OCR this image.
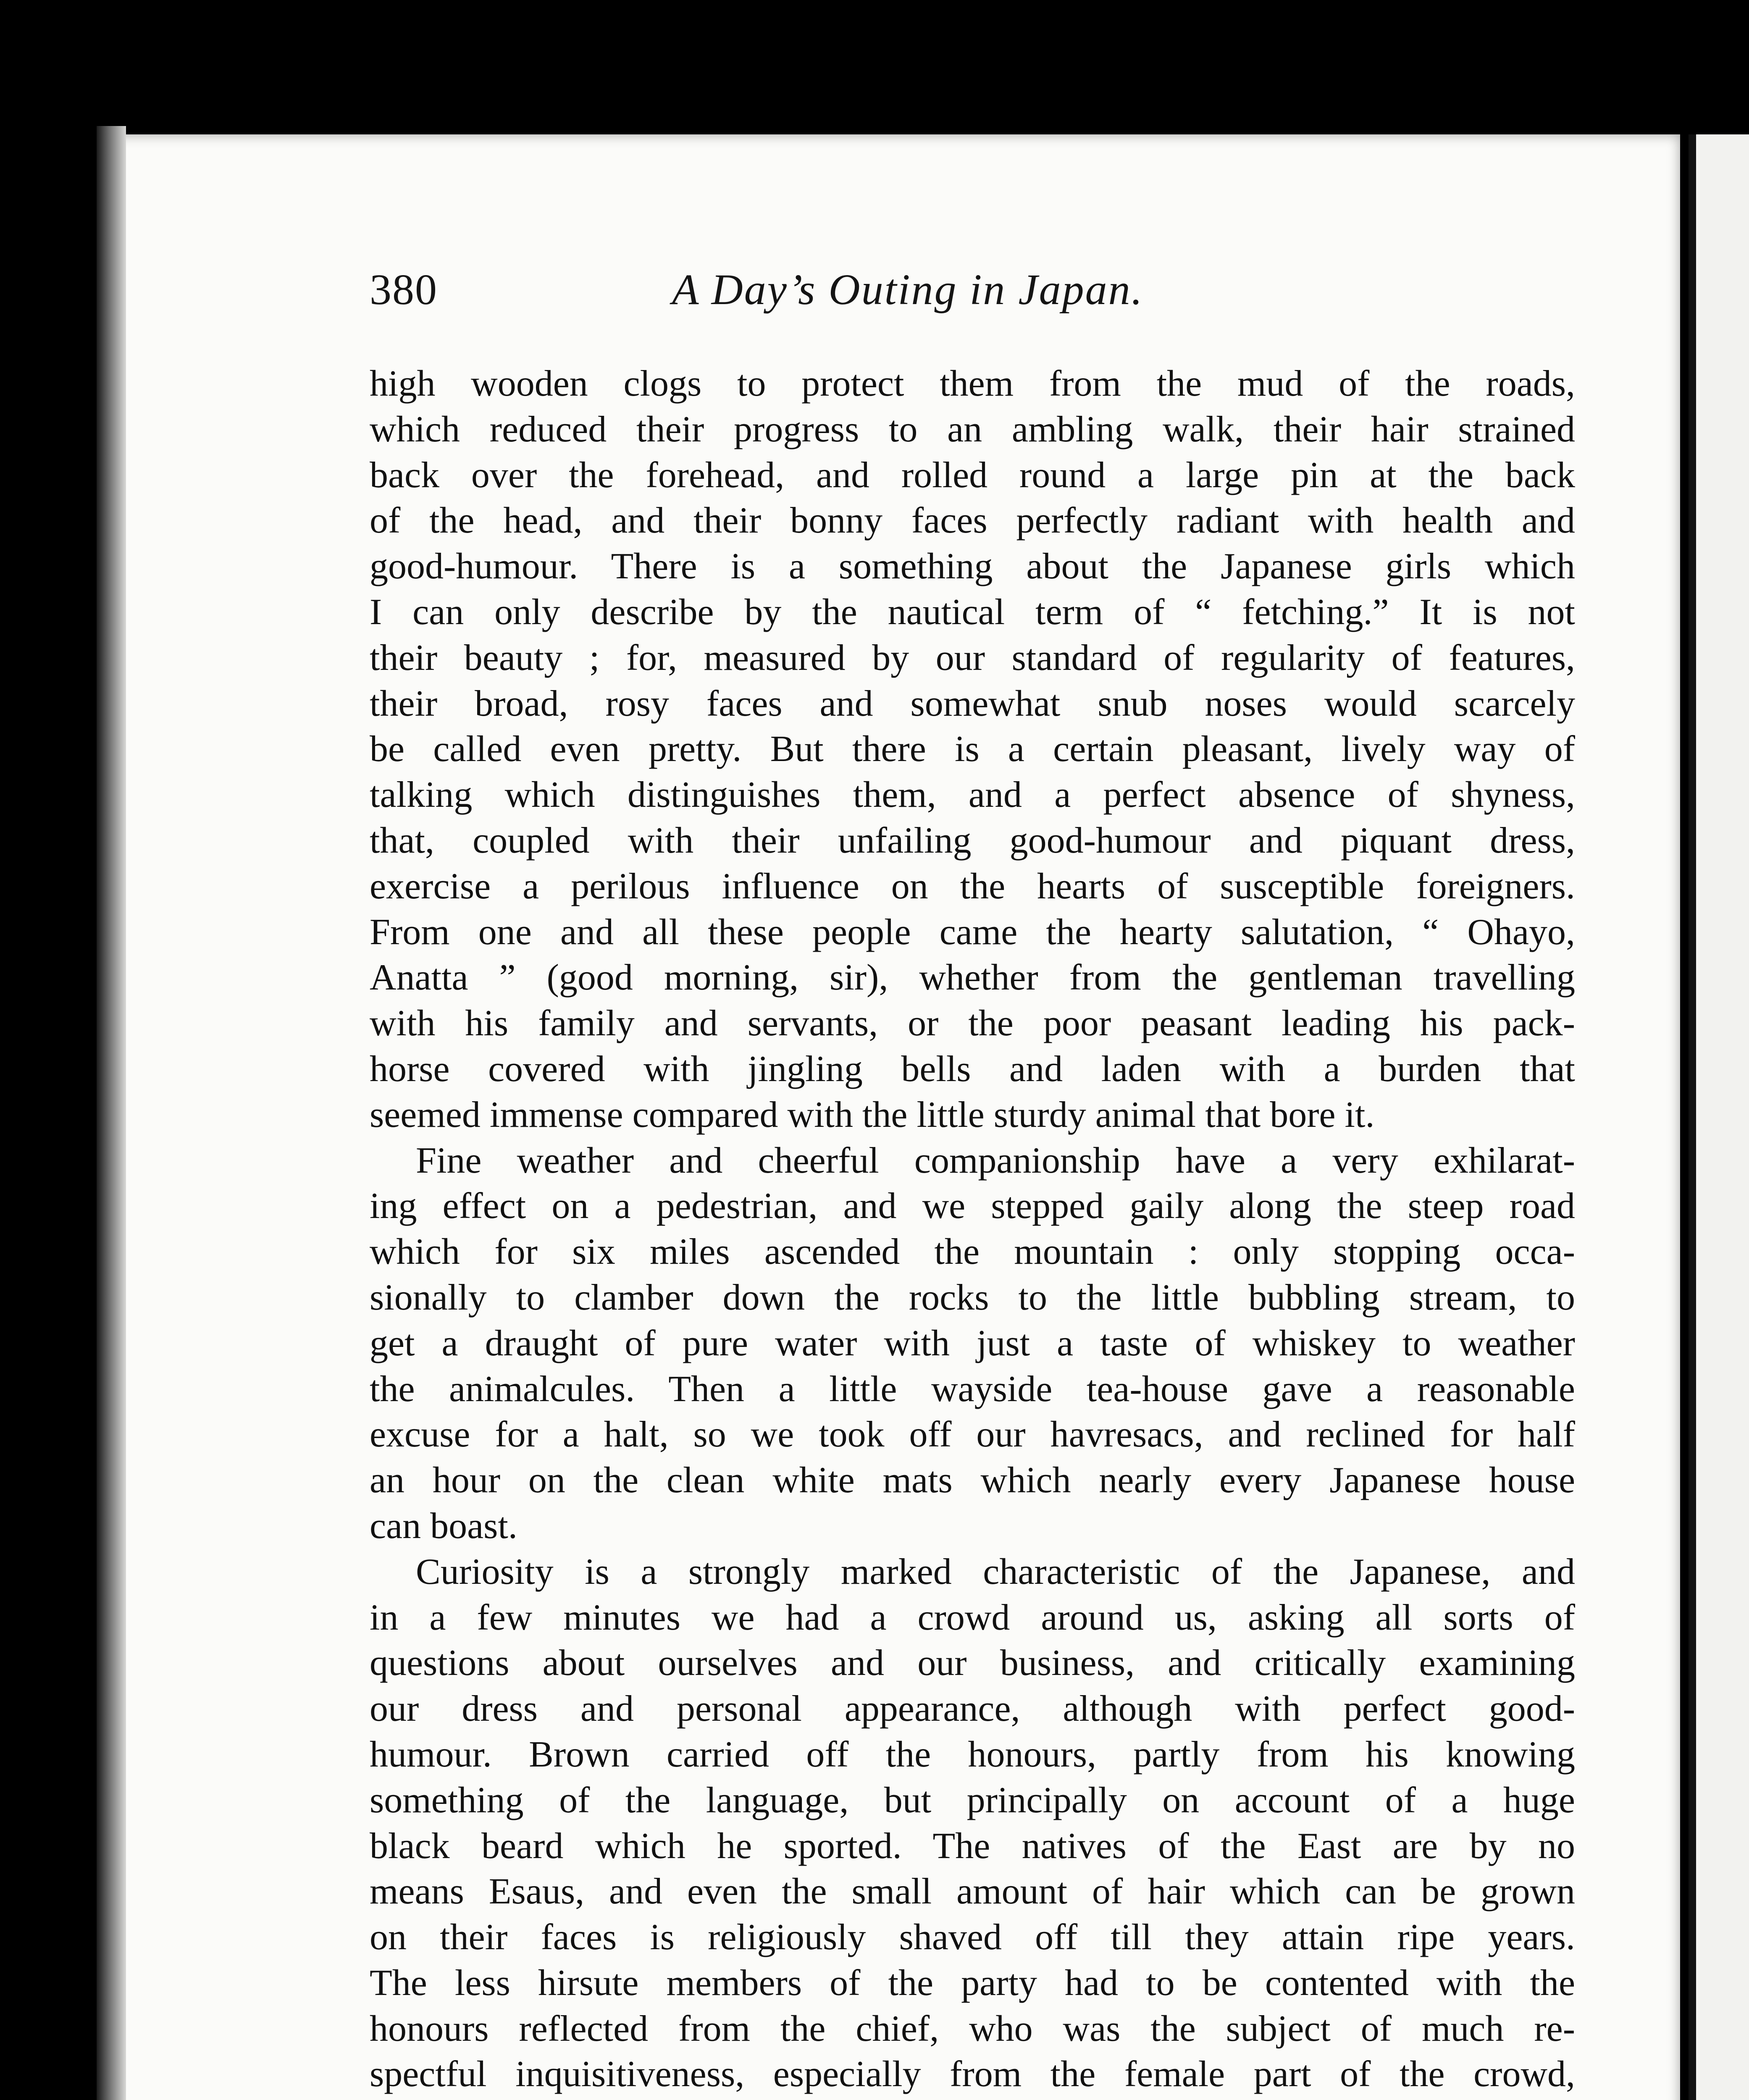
380	A Day’s Outing in Japan.
high wooden clogs to protect them from the mud of the roads,
which reduced their progress to an ambling walk, their hair strained
back over the forehead, and rolled round a large pin at the back
of the head, and their bonny faces perfectly radiant with health and
good-humour. There is a something about the Japanese girls which
I can only describe by the nautical term of “ fetching.” It is not
their beauty ; for, measured by our standard of regularity of features,
their broad, rosy faces and somewhat snub noses would scarcely
be called even pretty. But there is a certain pleasant, lively way of
talking which distinguishes them, and a perfect absence of shyness,
that, coupled with their unfailing good-humour and piquant dress,
exercise a perilous influence on the hearts of susceptible foreigners.
From one and all these people came the hearty salutation, “ Ohayo,
Anatta ” (good morning, sir), whether from the gentleman travelling
with his family and servants, or the poor peasant leading his pack-
horse covered with jingling bells and laden with a burden that
seemed immense compared with the little sturdy animal that bore it.
Fine weather and cheerful companionship have a very exhilarat-
ing effect on a pedestrian, and we stepped gaily along the steep road
which for six miles ascended the mountain : only stopping occa-
sionally to clamber down the rocks to the little bubbling stream, to
get a draught of pure water with just a taste of whiskey to weather
the animalcules. Then a little wayside tea-house gave a reasonable
excuse for a halt, so we took off our havresacs, and reclined for half
an hour on the clean white mats which nearly every Japanese house
can boast.
Curiosity is a strongly marked characteristic of the Japanese, and
in a few minutes we had a crowd around us, asking all sorts of
questions about ourselves and our business, and critically examining
our dress and personal appearance, although with perfect good-
humour. Brown carried off the honours, partly from his knowing
something of the language, but principally on account of a huge
black beard which he sported. The natives of the East are by no
means Esaus, and even the small amount of hair which can be grown
on their faces is religiously shaved off till they attain ripe years.
The less hirsute members of the party had to be contented with the
honours reflected from the chief, who was the subject of much re-
spectful inquisitiveness, especially from the female part of the crowd,
